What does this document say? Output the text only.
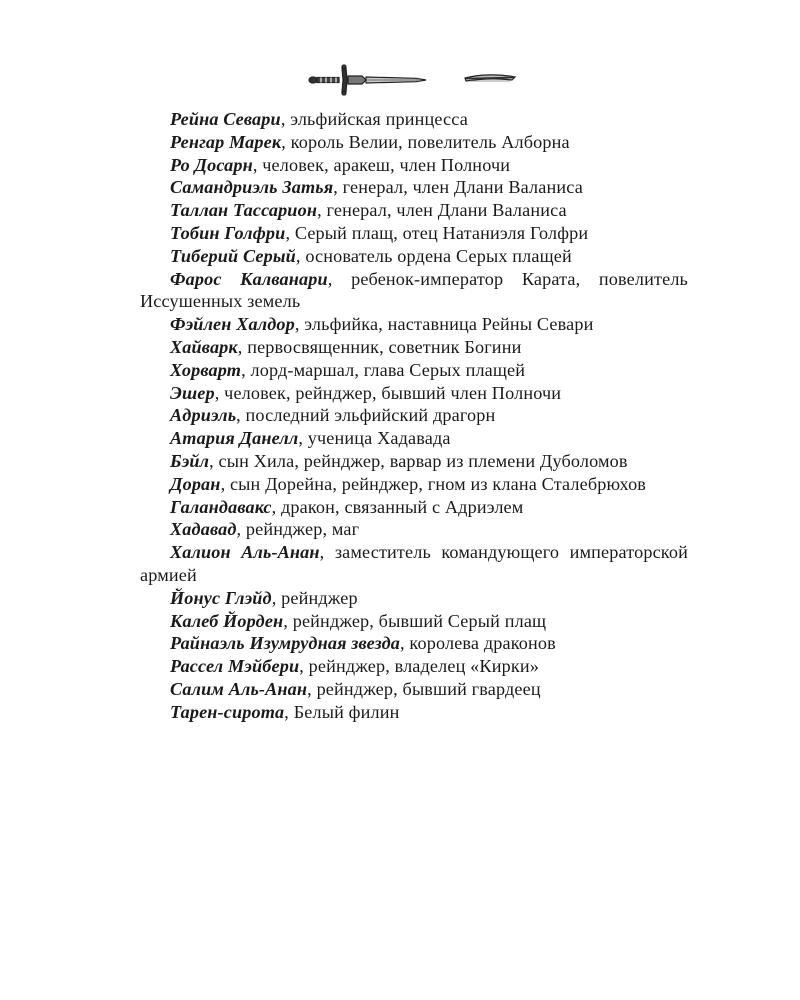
Рейна Севари, эльфийская принцесса

Ренгар Марек, король Велии, повелитель Алборна

Ро Досарн, человек, аракеш, член Полночи

Самандриэль Затья, генерал, член Длани Валаниса

Таллан Тассарион, генерал, член Длани Валаниса

Тобин Голфри, Серый плащ, отец Натаниэля Голфри

Тиберий Серый, основатель ордена Серых плащей

Фарос Калванари, ребенок-император Карата, повелитель Иссушенных земель

Фэйлен Халдор, эльфийка, наставница Рейны Севари

Хайварк, первосвященник, советник Богини

Хорварт, лорд-маршал, глава Серых плащей

Эшер, человек, рейнджер, бывший член Полночи

Адриэль, последний эльфийский драгорн

Атария Данелл, ученица Хадавада

Бэйл, сын Хила, рейнджер, варвар из племени Дуболомов

Доран, сын Дорейна, рейнджер, гном из клана Сталебрюхов

Галандавакс, дракон, связанный с Адриэлем

Хадавад, рейнджер, маг

Халион Аль-Анан, заместитель командующего императорской армией

Йонус Глэйд, рейнджер

Калеб Йорден, рейнджер, бывший Серый плащ

Райнаэль Изумрудная звезда, королева драконов

Рассел Мэйбери, рейнджер, владелец «Кирки»

Салим Аль-Анан, рейнджер, бывший гвардеец

Тарен-сирота, Белый филин
